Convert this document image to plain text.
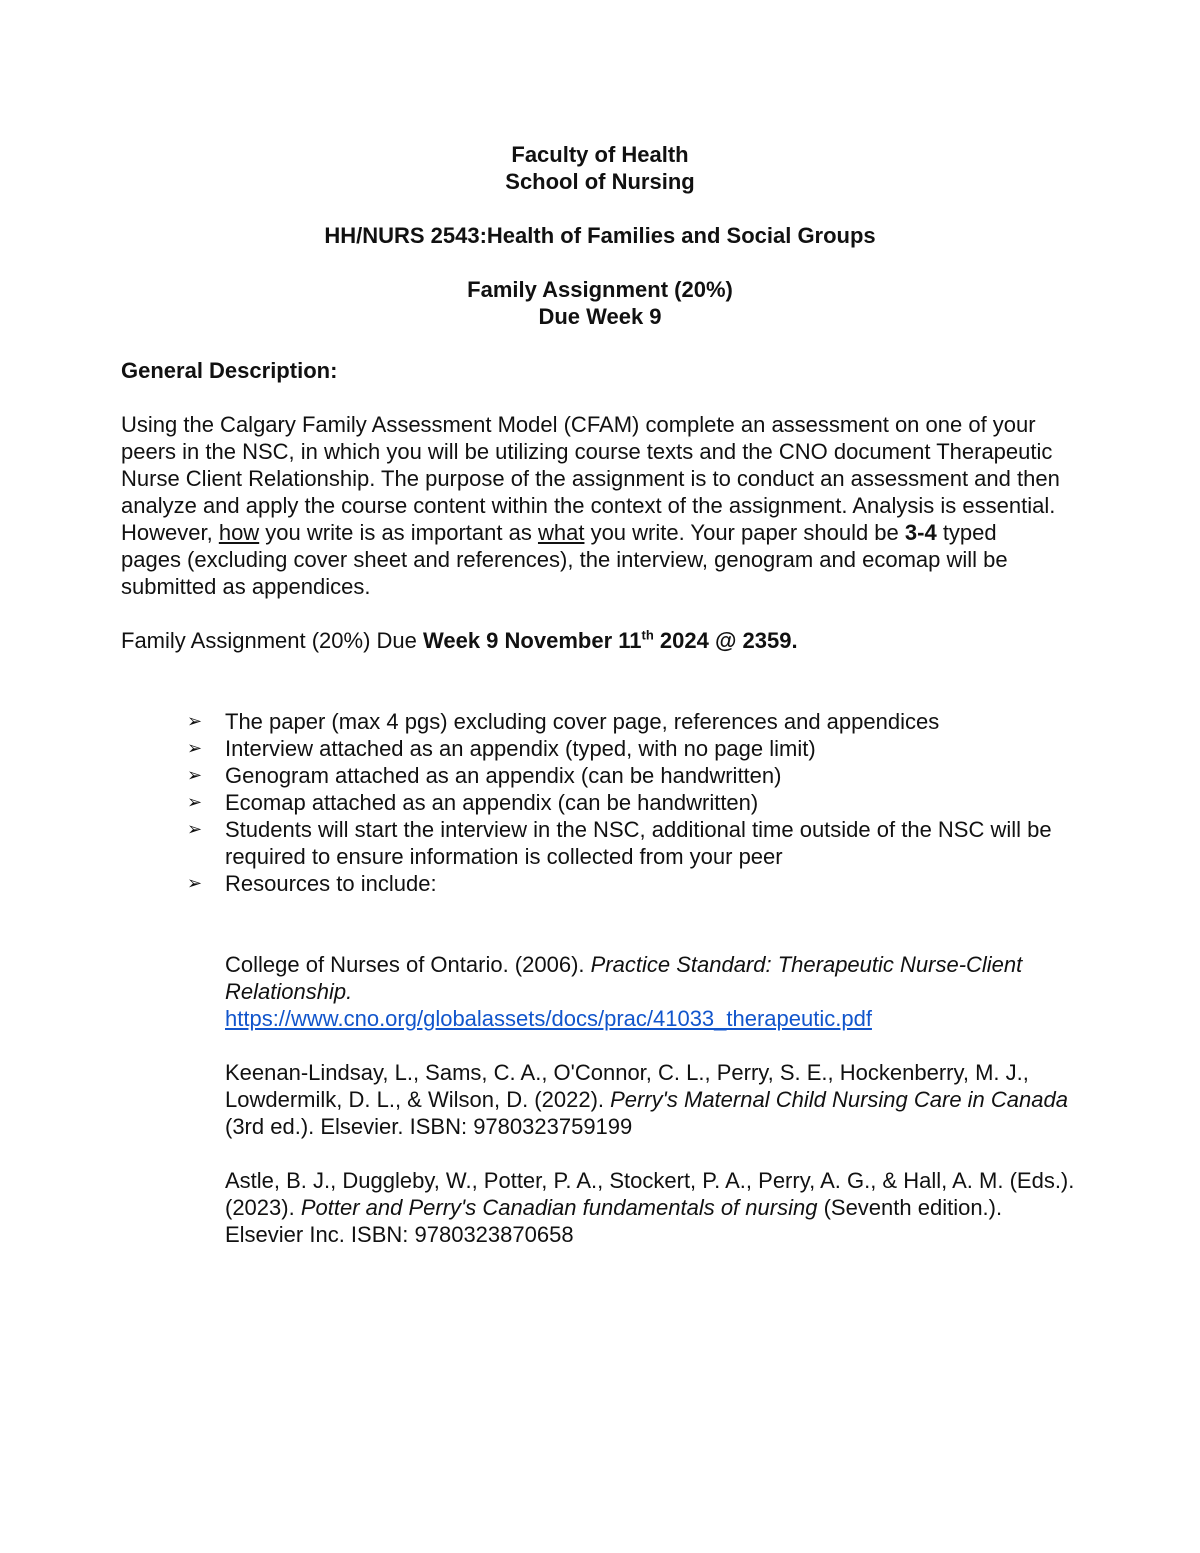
Faculty of Health
School of Nursing
HH/NURS 2543:Health of Families and Social Groups
Family Assignment (20%)
Due Week 9
General Description:

Using the Calgary Family Assessment Model (CFAM) complete an assessment on one of your peers in the NSC, in which you will be utilizing course texts and the CNO document Therapeutic Nurse Client Relationship. The purpose of the assignment is to conduct an assessment and then analyze and apply the course content within the context of the assignment. Analysis is essential. However, how you write is as important as what you write. Your paper should be 3-4 typed pages (excluding cover sheet and references), the interview, genogram and ecomap will be submitted as appendices.

Family Assignment (20%) Due Week 9 November 11th 2024 @ 2359.

➢ The paper (max 4 pgs) excluding cover page, references and appendices
➢ Interview attached as an appendix (typed, with no page limit)
➢ Genogram attached as an appendix (can be handwritten)
➢ Ecomap attached as an appendix (can be handwritten)
➢ Students will start the interview in the NSC, additional time outside of the NSC will be required to ensure information is collected from your peer
➢ Resources to include:
College of Nurses of Ontario. (2006). Practice Standard: Therapeutic Nurse-Client Relationship.
https://www.cno.org/globalassets/docs/prac/41033_therapeutic.pdf
Keenan-Lindsay, L., Sams, C. A., O'Connor, C. L., Perry, S. E., Hockenberry, M. J., Lowdermilk, D. L., & Wilson, D. (2022). Perry's Maternal Child Nursing Care in Canada (3rd ed.). Elsevier. ISBN: 9780323759199
Astle, B. J., Duggleby, W., Potter, P. A., Stockert, P. A., Perry, A. G., & Hall, A. M. (Eds.). (2023). Potter and Perry's Canadian fundamentals of nursing (Seventh edition.). Elsevier Inc. ISBN: 9780323870658
